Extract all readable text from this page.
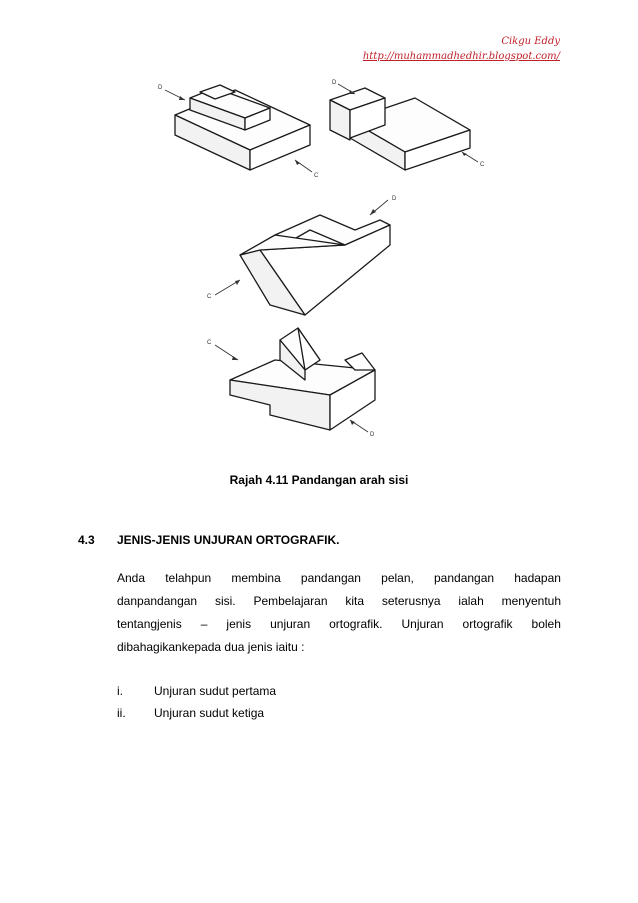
Cikgu Eddy
http://muhammadhedhir.blogspot.com/
D
C
D
C
D
C
C
D
Rajah 4.11 Pandangan arah sisi
4.3 JENIS-JENIS UNJURAN ORTOGRAFIK.
Anda telahpun membina pandangan pelan, pandangan hadapan
danpandangan sisi. Pembelajaran kita seterusnya ialah menyentuh
tentangjenis – jenis unjuran ortografik. Unjuran ortografik boleh
dibahagikankepada dua jenis iaitu :
i.	Unjuran sudut pertama
ii. Unjuran sudut ketiga
